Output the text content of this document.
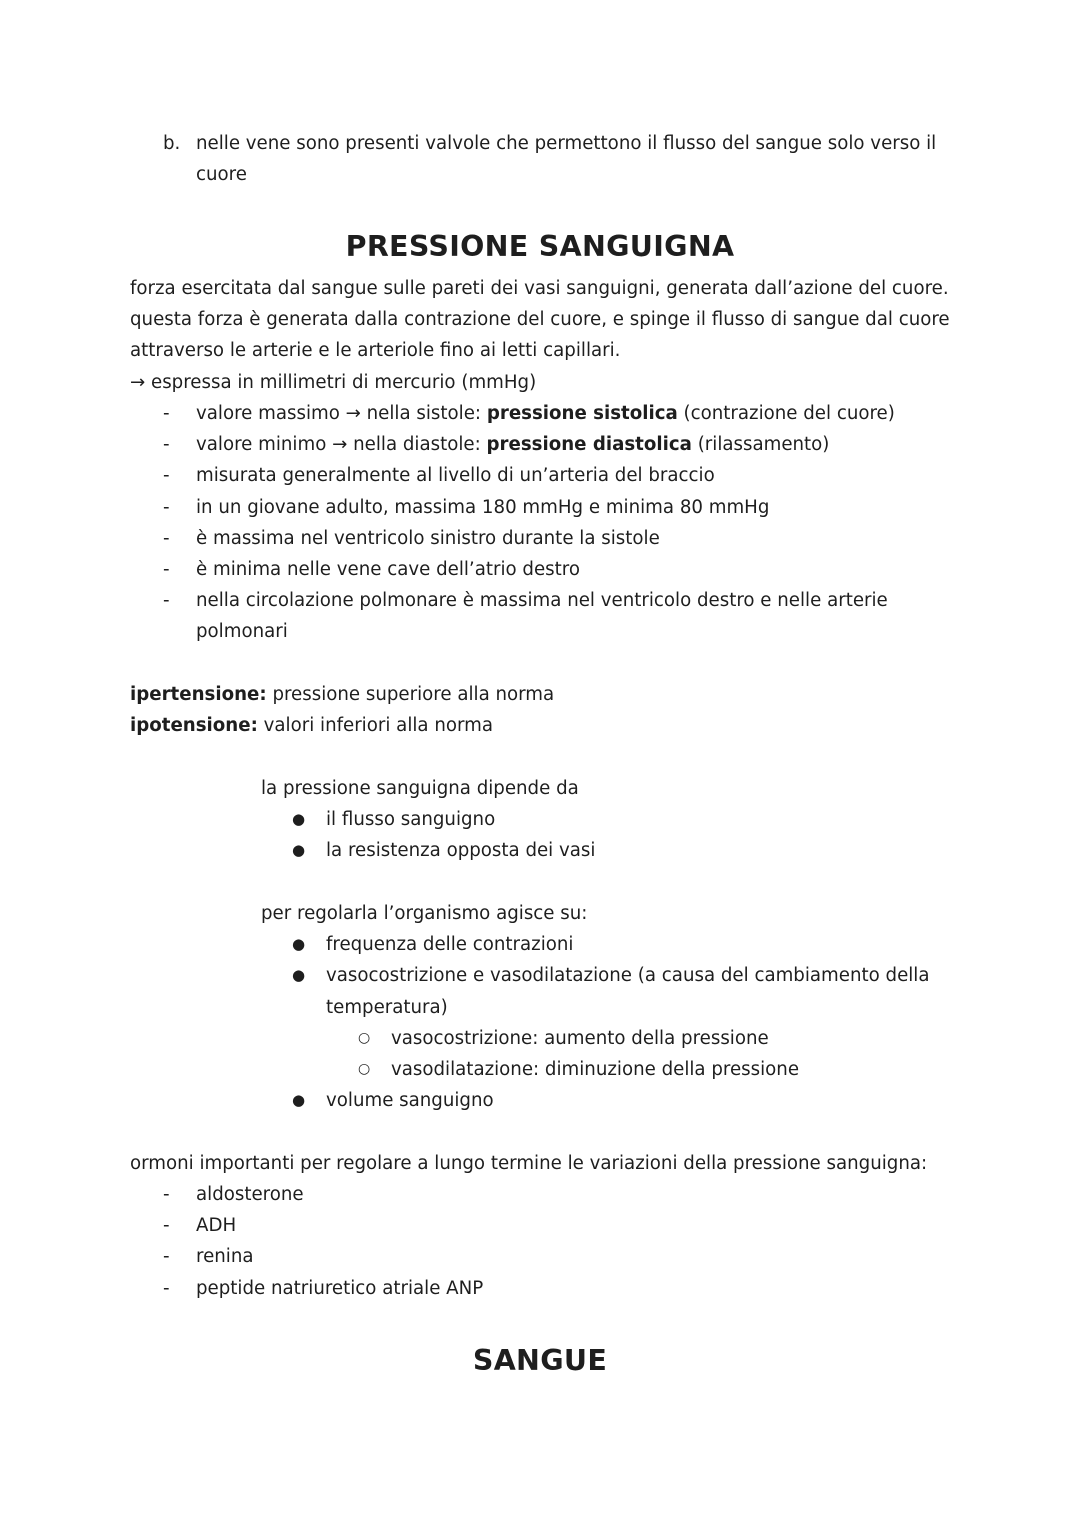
b. nelle vene sono presenti valvole che permettono il flusso del sangue solo verso il
cuore
PRESSIONE SANGUIGNA
forza esercitata dal sangue sulle pareti dei vasi sanguigni, generata dall’azione del cuore.
questa forza è generata dalla contrazione del cuore, e spinge il flusso di sangue dal cuore
attraverso le arterie e le arteriole fino ai letti capillari.
→ espressa in millimetri di mercurio (mmHg)
- valore massimo → nella sistole: pressione sistolica (contrazione del cuore)
- valore minimo → nella diastole: pressione diastolica (rilassamento)
- misurata generalmente al livello di un’arteria del braccio
- in un giovane adulto, massima 180 mmHg e minima 80 mmHg
- è massima nel ventricolo sinistro durante la sistole
- è minima nelle vene cave dell’atrio destro
- nella circolazione polmonare è massima nel ventricolo destro e nelle arterie
polmonari
ipertensione: pressione superiore alla norma
ipotensione: valori inferiori alla norma
la pressione sanguigna dipende da
● il flusso sanguigno
● la resistenza opposta dei vasi
per regolarla l’organismo agisce su:
● frequenza delle contrazioni
● vasocostrizione e vasodilatazione (a causa del cambiamento della
temperatura)
○ vasocostrizione: aumento della pressione
○ vasodilatazione: diminuzione della pressione
● volume sanguigno
ormoni importanti per regolare a lungo termine le variazioni della pressione sanguigna:
- aldosterone
- ADH
- renina
- peptide natriuretico atriale ANP
SANGUE
